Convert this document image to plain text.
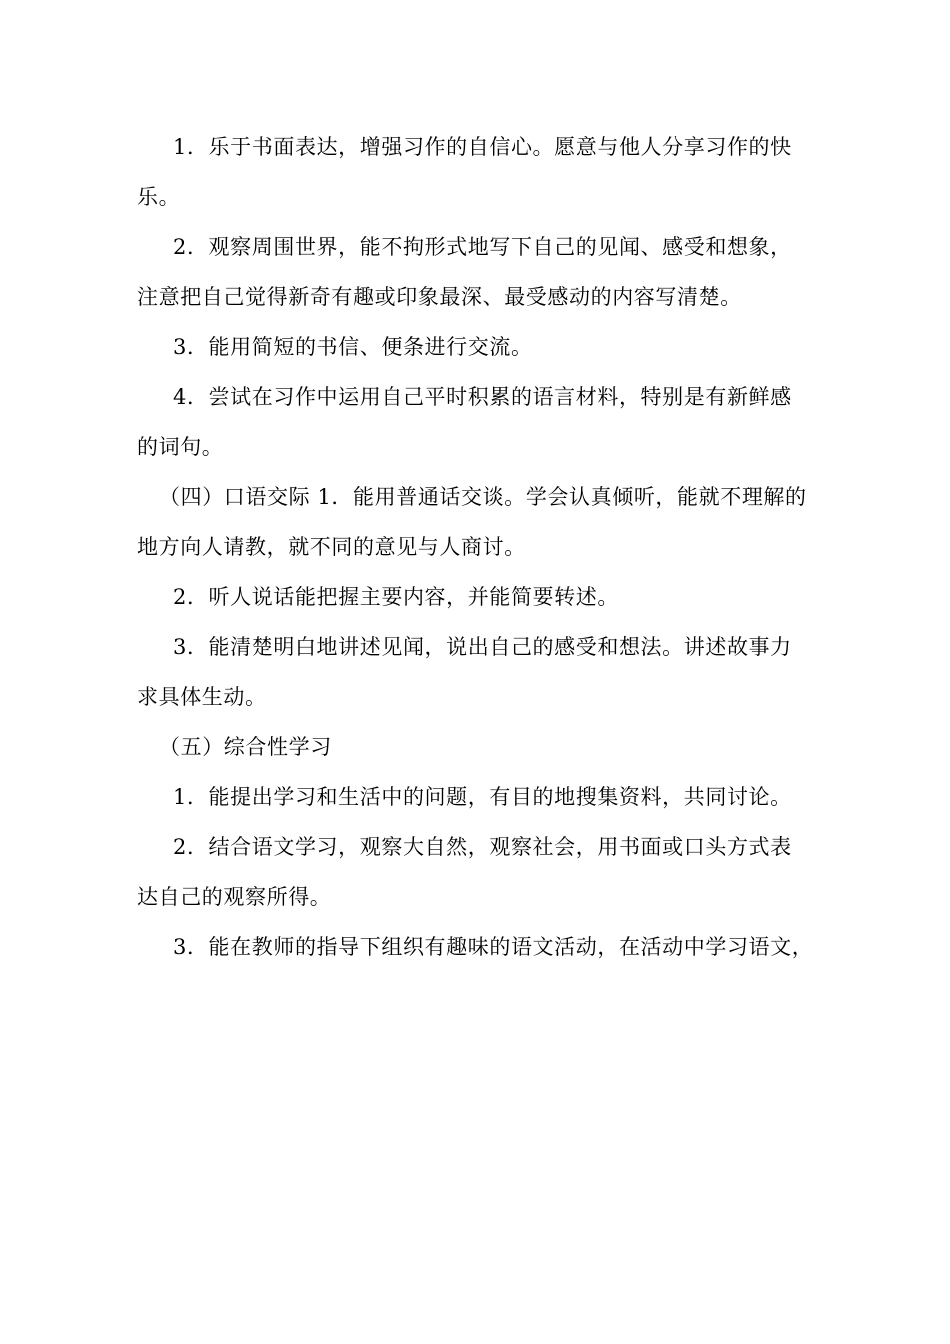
1．乐于书面表达，增强习作的自信心。愿意与他人分享习作的快
乐。
2．观察周围世界，能不拘形式地写下自己的见闻、感受和想象，
注意把自己觉得新奇有趣或印象最深、最受感动的内容写清楚。
3．能用简短的书信、便条进行交流。
4．尝试在习作中运用自己平时积累的语言材料，特别是有新鲜感
的词句。
（四）口语交际 1．能用普通话交谈。学会认真倾听，能就不理解的
地方向人请教，就不同的意见与人商讨。
2．听人说话能把握主要内容，并能简要转述。
3．能清楚明白地讲述见闻，说出自己的感受和想法。讲述故事力
求具体生动。
（五）综合性学习
1．能提出学习和生活中的问题，有目的地搜集资料，共同讨论。
2．结合语文学习，观察大自然，观察社会，用书面或口头方式表
达自己的观察所得。
3．能在教师的指导下组织有趣味的语文活动，在活动中学习语文，
